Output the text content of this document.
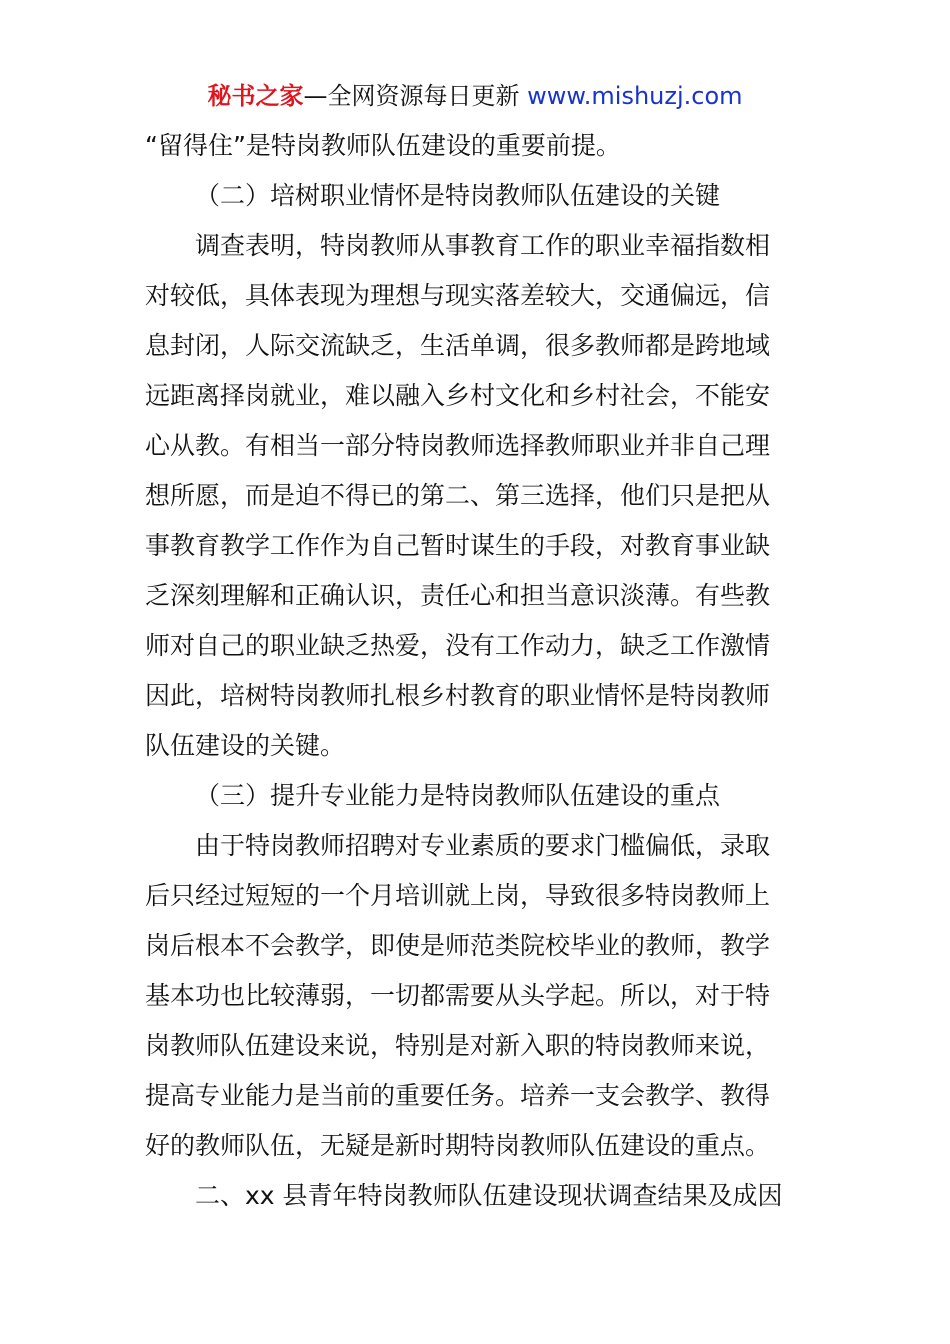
秘书之家—全网资源每日更新 www.mishuzj.com
“留得住”是特岗教师队伍建设的重要前提。
（二）培树职业情怀是特岗教师队伍建设的关键
调查表明，特岗教师从事教育工作的职业幸福指数相
对较低，具体表现为理想与现实落差较大，交通偏远，信
息封闭，人际交流缺乏，生活单调，很多教师都是跨地域
远距离择岗就业，难以融入乡村文化和乡村社会，不能安
心从教。有相当一部分特岗教师选择教师职业并非自己理
想所愿，而是迫不得已的第二、第三选择，他们只是把从
事教育教学工作作为自己暂时谋生的手段，对教育事业缺
乏深刻理解和正确认识，责任心和担当意识淡薄。有些教
师对自己的职业缺乏热爱，没有工作动力，缺乏工作激情
因此，培树特岗教师扎根乡村教育的职业情怀是特岗教师
队伍建设的关键。
（三）提升专业能力是特岗教师队伍建设的重点
由于特岗教师招聘对专业素质的要求门槛偏低，录取
后只经过短短的一个月培训就上岗，导致很多特岗教师上
岗后根本不会教学，即使是师范类院校毕业的教师，教学
基本功也比较薄弱，一切都需要从头学起。所以，对于特
岗教师队伍建设来说，特别是对新入职的特岗教师来说，
提高专业能力是当前的重要任务。培养一支会教学、教得
好的教师队伍，无疑是新时期特岗教师队伍建设的重点。
二、xx 县青年特岗教师队伍建设现状调查结果及成因
